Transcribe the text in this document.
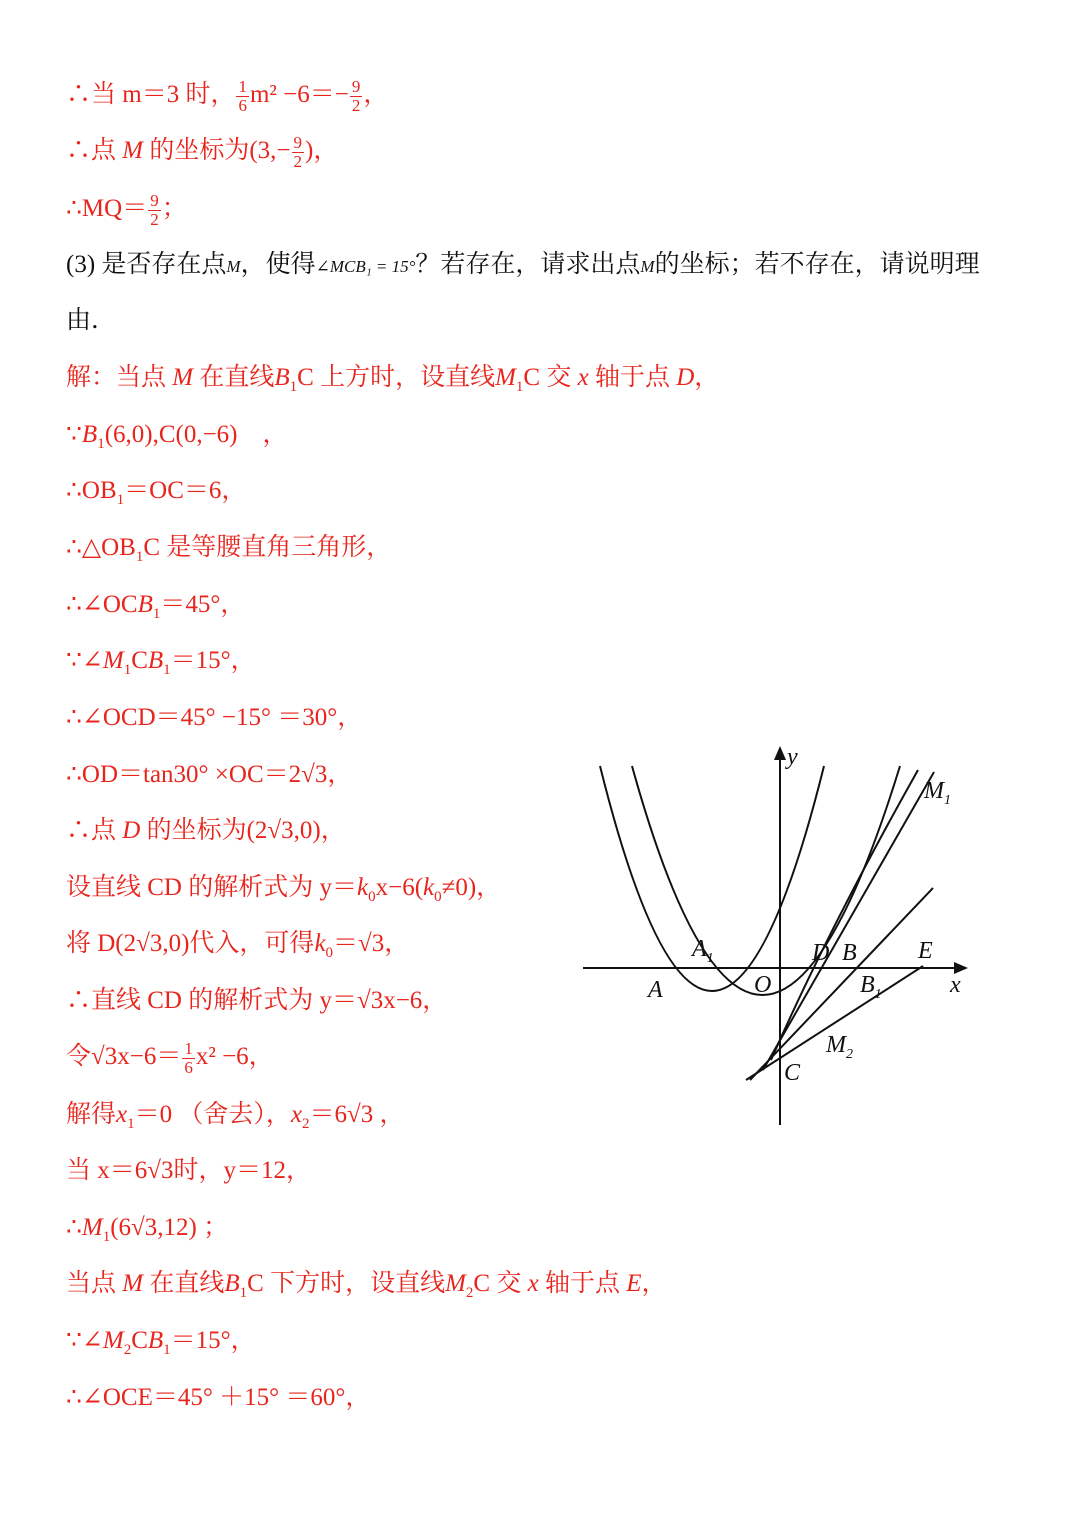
∴当 m＝3 时， $\frac{1}{6} m^2 -6=- \frac{9}{2}$ ，
∴点 M 的坐标为($3,- \frac{9}{2}$ )，
∴MQ＝ $\frac{9}{2}$ ；
(3) 是否存在点M，使得∠MCB₁ = 15°？若存在，请求出点M的坐标；若不存在，请说明理
由．
解：当点 M 在直线$B_1C$ 上方时，设直线$M_1C$ 交 x 轴于点 D，
$\because B_1(6,0),C(0,-6)$　，
$\therefore OB_1=OC=6$，
$\therefore\triangle OB_1C$ 是等腰直角三角形，
$\therefore\angle OCB_1=45^\circ$，
$\because\angle M_1CB_1=15^\circ$，
∴∠OCD＝45° −15° ＝30°，
∴OD＝tan30° ×OC＝2√3，
∴点 D 的坐标为(2√3,0)，
设直线 CD 的解析式为 $y=k_0x-6(k_0\ne 0)$，
将 D(2√3,0)代入，可得$k_0=√3$，
∴直线 CD 的解析式为 y＝√3x−6，
令$√3x-6= \frac{1}{6} x^2 -6$，
解得$x_1=0$ （舍去），$x_2=6√3$ ，
当 x＝6√3时，y＝12，
$\therefore M_1(6√3,12)$ ；
当点 M 在直线$B_1C$ 下方时，设直线$M_2C$ 交 x 轴于点 E，
$\because\angle M_2CB_1=15^\circ$，
∴∠OCE＝45° ＋15° ＝60°，
y
x
O
A
$A_1$	D B
$B_1$
E
C
$M_1$
$M_2$
